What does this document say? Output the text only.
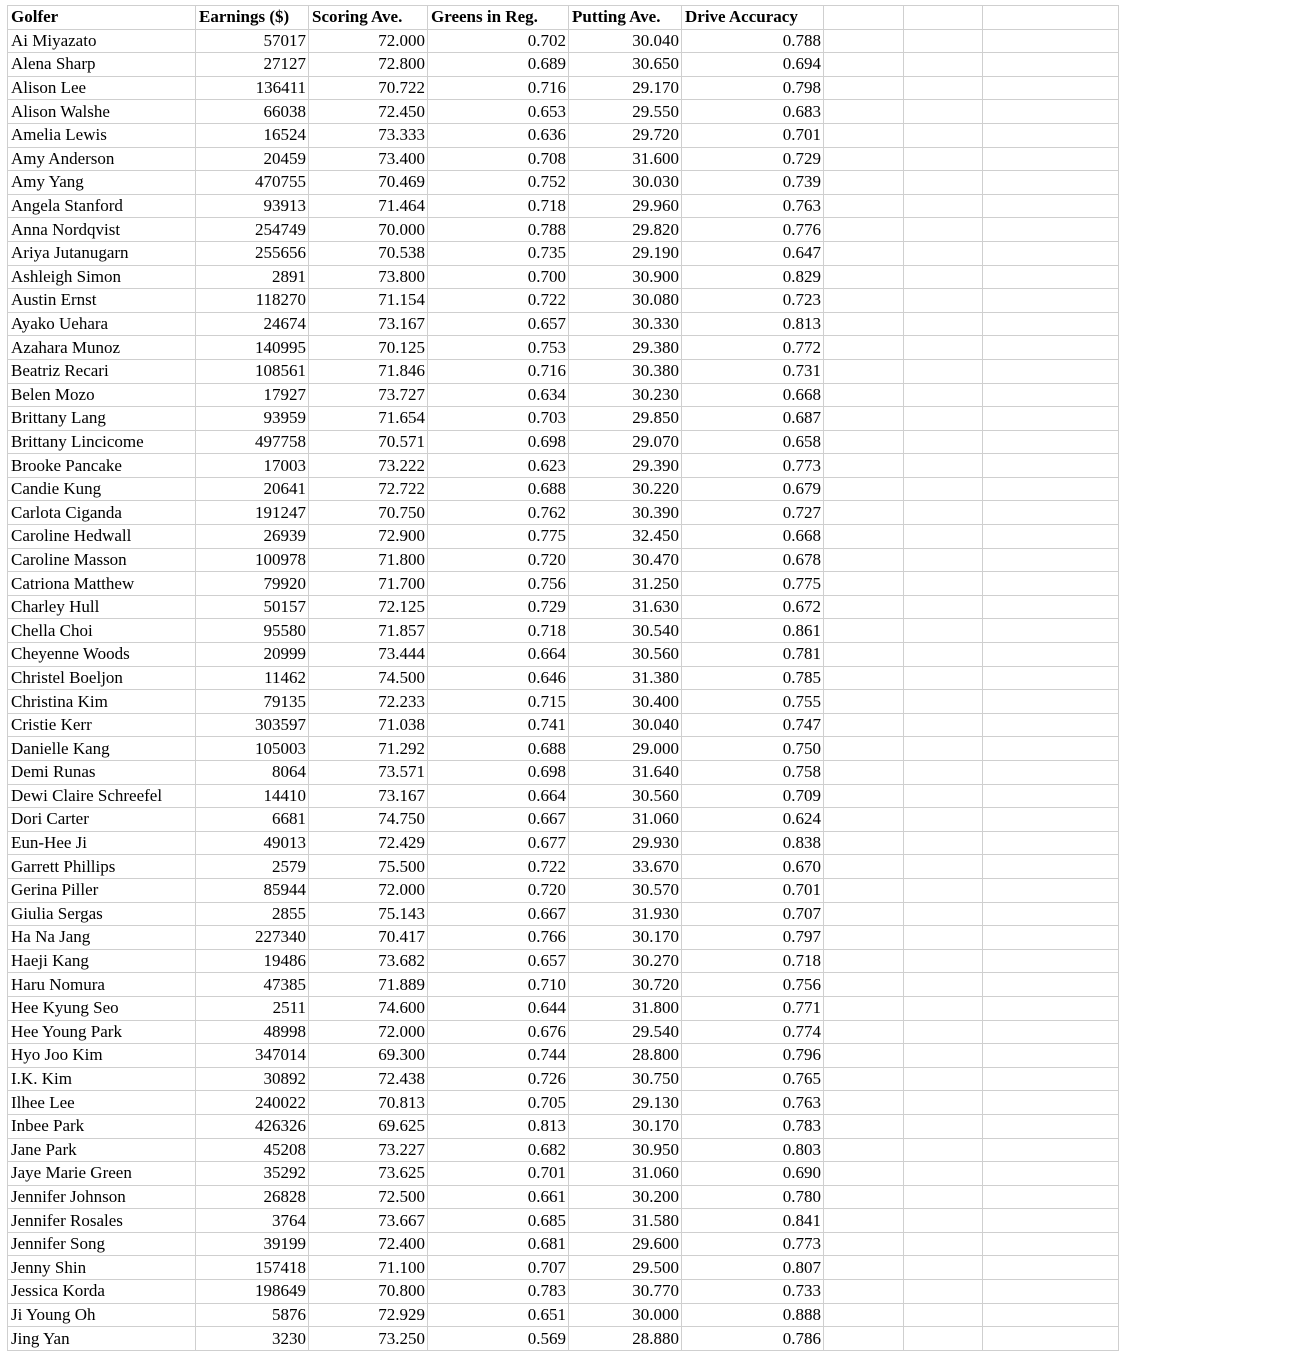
Golfer	Earnings ($)	Scoring Ave.	Greens in Reg.	Putting Ave.	Drive Accuracy			
Ai Miyazato	57017	72.000	0.702	30.040	0.788			
Alena Sharp	27127	72.800	0.689	30.650	0.694			
Alison Lee	136411	70.722	0.716	29.170	0.798			
Alison Walshe	66038	72.450	0.653	29.550	0.683			
Amelia Lewis	16524	73.333	0.636	29.720	0.701			
Amy Anderson	20459	73.400	0.708	31.600	0.729			
Amy Yang	470755	70.469	0.752	30.030	0.739			
Angela Stanford	93913	71.464	0.718	29.960	0.763			
Anna Nordqvist	254749	70.000	0.788	29.820	0.776			
Ariya Jutanugarn	255656	70.538	0.735	29.190	0.647			
Ashleigh Simon	2891	73.800	0.700	30.900	0.829			
Austin Ernst	118270	71.154	0.722	30.080	0.723			
Ayako Uehara	24674	73.167	0.657	30.330	0.813			
Azahara Munoz	140995	70.125	0.753	29.380	0.772			
Beatriz Recari	108561	71.846	0.716	30.380	0.731			
Belen Mozo	17927	73.727	0.634	30.230	0.668			
Brittany Lang	93959	71.654	0.703	29.850	0.687			
Brittany Lincicome	497758	70.571	0.698	29.070	0.658			
Brooke Pancake	17003	73.222	0.623	29.390	0.773			
Candie Kung	20641	72.722	0.688	30.220	0.679			
Carlota Ciganda	191247	70.750	0.762	30.390	0.727			
Caroline Hedwall	26939	72.900	0.775	32.450	0.668			
Caroline Masson	100978	71.800	0.720	30.470	0.678			
Catriona Matthew	79920	71.700	0.756	31.250	0.775			
Charley Hull	50157	72.125	0.729	31.630	0.672			
Chella Choi	95580	71.857	0.718	30.540	0.861			
Cheyenne Woods	20999	73.444	0.664	30.560	0.781			
Christel Boeljon	11462	74.500	0.646	31.380	0.785			
Christina Kim	79135	72.233	0.715	30.400	0.755			
Cristie Kerr	303597	71.038	0.741	30.040	0.747			
Danielle Kang	105003	71.292	0.688	29.000	0.750			
Demi Runas	8064	73.571	0.698	31.640	0.758			
Dewi Claire Schreefel	14410	73.167	0.664	30.560	0.709			
Dori Carter	6681	74.750	0.667	31.060	0.624			
Eun-Hee Ji	49013	72.429	0.677	29.930	0.838			
Garrett Phillips	2579	75.500	0.722	33.670	0.670			
Gerina Piller	85944	72.000	0.720	30.570	0.701			
Giulia Sergas	2855	75.143	0.667	31.930	0.707			
Ha Na Jang	227340	70.417	0.766	30.170	0.797			
Haeji Kang	19486	73.682	0.657	30.270	0.718			
Haru Nomura	47385	71.889	0.710	30.720	0.756			
Hee Kyung Seo	2511	74.600	0.644	31.800	0.771			
Hee Young Park	48998	72.000	0.676	29.540	0.774			
Hyo Joo Kim	347014	69.300	0.744	28.800	0.796			
I.K. Kim	30892	72.438	0.726	30.750	0.765			
Ilhee Lee	240022	70.813	0.705	29.130	0.763			
Inbee Park	426326	69.625	0.813	30.170	0.783			
Jane Park	45208	73.227	0.682	30.950	0.803			
Jaye Marie Green	35292	73.625	0.701	31.060	0.690			
Jennifer Johnson	26828	72.500	0.661	30.200	0.780			
Jennifer Rosales	3764	73.667	0.685	31.580	0.841			
Jennifer Song	39199	72.400	0.681	29.600	0.773			
Jenny Shin	157418	71.100	0.707	29.500	0.807			
Jessica Korda	198649	70.800	0.783	30.770	0.733			
Ji Young Oh	5876	72.929	0.651	30.000	0.888			
Jing Yan	3230	73.250	0.569	28.880	0.786			
